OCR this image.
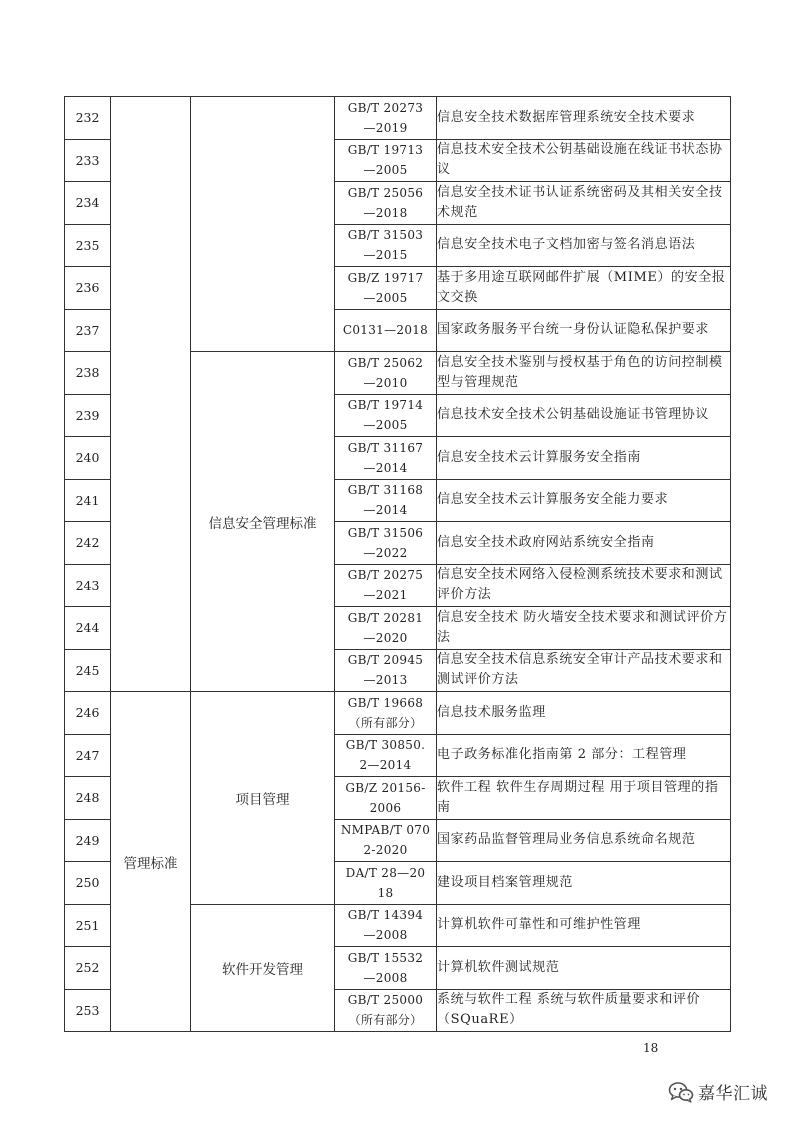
232			GB/T 20273
—2019	信息安全技术数据库管理系统安全技术要求
233			GB/T 19713
—2005	信息技术安全技术公钥基础设施在线证书状态协议
234			GB/T 25056
—2018	信息安全技术证书认证系统密码及其相关安全技术规范
235			GB/T 31503
—2015	信息安全技术电子文档加密与签名消息语法
236			GB/Z 19717
—2005	基于多用途互联网邮件扩展（MIME）的安全报文交换
237			C0131—2018	国家政务服务平台统一身份认证隐私保护要求
238		信息安全管理标准	GB/T 25062
—2010	信息安全技术鉴别与授权基于角色的访问控制模型与管理规范
239			GB/T 19714
—2005	信息技术安全技术公钥基础设施证书管理协议
240			GB/T 31167
—2014	信息安全技术云计算服务安全指南
241			GB/T 31168
—2014	信息安全技术云计算服务安全能力要求
242			GB/T 31506
—2022	信息安全技术政府网站系统安全指南
243			GB/T 20275
—2021	信息安全技术网络入侵检测系统技术要求和测试评价方法
244			GB/T 20281
—2020	信息安全技术 防火墙安全技术要求和测试评价方法
245			GB/T 20945
—2013	信息安全技术信息系统安全审计产品技术要求和测试评价方法
246	管理标准	项目管理	GB/T 19668
（所有部分）	信息技术服务监理
247			GB/T 30850.
2—2014	电子政务标准化指南第 2 部分：工程管理
248			GB/Z 20156-
2006	软件工程 软件生存周期过程 用于项目管理的指南
249			NMPAB/T 070
2-2020	国家药品监督管理局业务信息系统命名规范
250			DA/T 28—20
18	建设项目档案管理规范
251		软件开发管理	GB/T 14394
—2008	计算机软件可靠性和可维护性管理
252			GB/T 15532
—2008	计算机软件测试规范
253			GB/T 25000
（所有部分）	系统与软件工程 系统与软件质量要求和评价（SQuaRE）
18
嘉华汇诚
